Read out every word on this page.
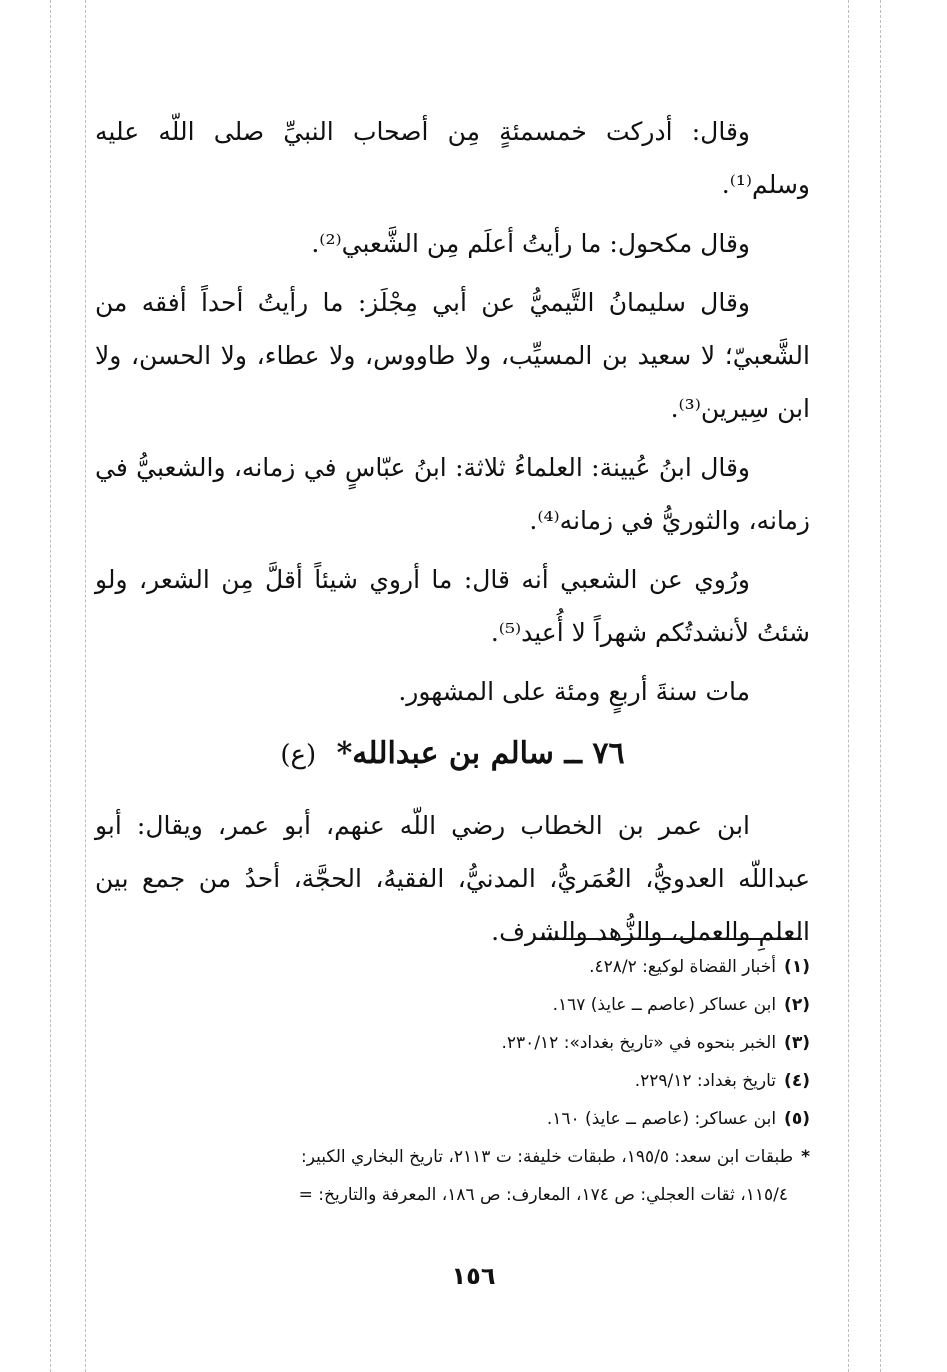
وقال: أدركت خمسمئةٍ مِن أصحاب النبيِّ صلى اللّه عليه وسلم⁽¹⁾.

وقال مكحول: ما رأيتُ أعلَم مِن الشَّعبي⁽²⁾.

وقال سليمانُ التَّيميُّ عن أبي مِجْلَز: ما رأيتُ أحداً أفقه من الشَّعبيّ؛ لا سعيد بن المسيِّب، ولا طاووس، ولا عطاء، ولا الحسن، ولا ابن سِيرين⁽³⁾.

وقال ابنُ عُيينة: العلماءُ ثلاثة: ابنُ عبّاسٍ في زمانه، والشعبيُّ في زمانه، والثوريُّ في زمانه⁽⁴⁾.

ورُوي عن الشعبي أنه قال: ما أروي شيئاً أقلَّ مِن الشعر، ولو شئتُ لأنشدتُكم شهراً لا أُعيد⁽⁵⁾.

مات سنةَ أربعٍ ومئة على المشهور.

٧٦ ــ سالم بن عبدالله* (ع)

ابن عمر بن الخطاب رضي اللّه عنهم، أبو عمر، ويقال: أبو عبداللّه العدويُّ، العُمَريُّ، المدنيُّ، الفقيهُ، الحجَّة، أحدُ من جمع بين العلمِ والعمل، والزُّهد والشرف.

(١)أخبار القضاة لوكيع: ٤٢٨/٢.

(٢)ابن عساكر (عاصم ــ عايذ) ١٦٧.

(٣)الخبر بنحوه في «تاريخ بغداد»: ٢٣٠/١٢.

(٤)تاريخ بغداد: ٢٢٩/١٢.

(٥)ابن عساكر: (عاصم ــ عايذ) ١٦٠.

*طبقات ابن سعد: ١٩٥/٥، طبقات خليفة: ت ٢١١٣، تاريخ البخاري الكبير:

١١٥/٤، ثقات العجلي: ص ١٧٤، المعارف: ص ١٨٦، المعرفة والتاريخ: =

١٥٦
